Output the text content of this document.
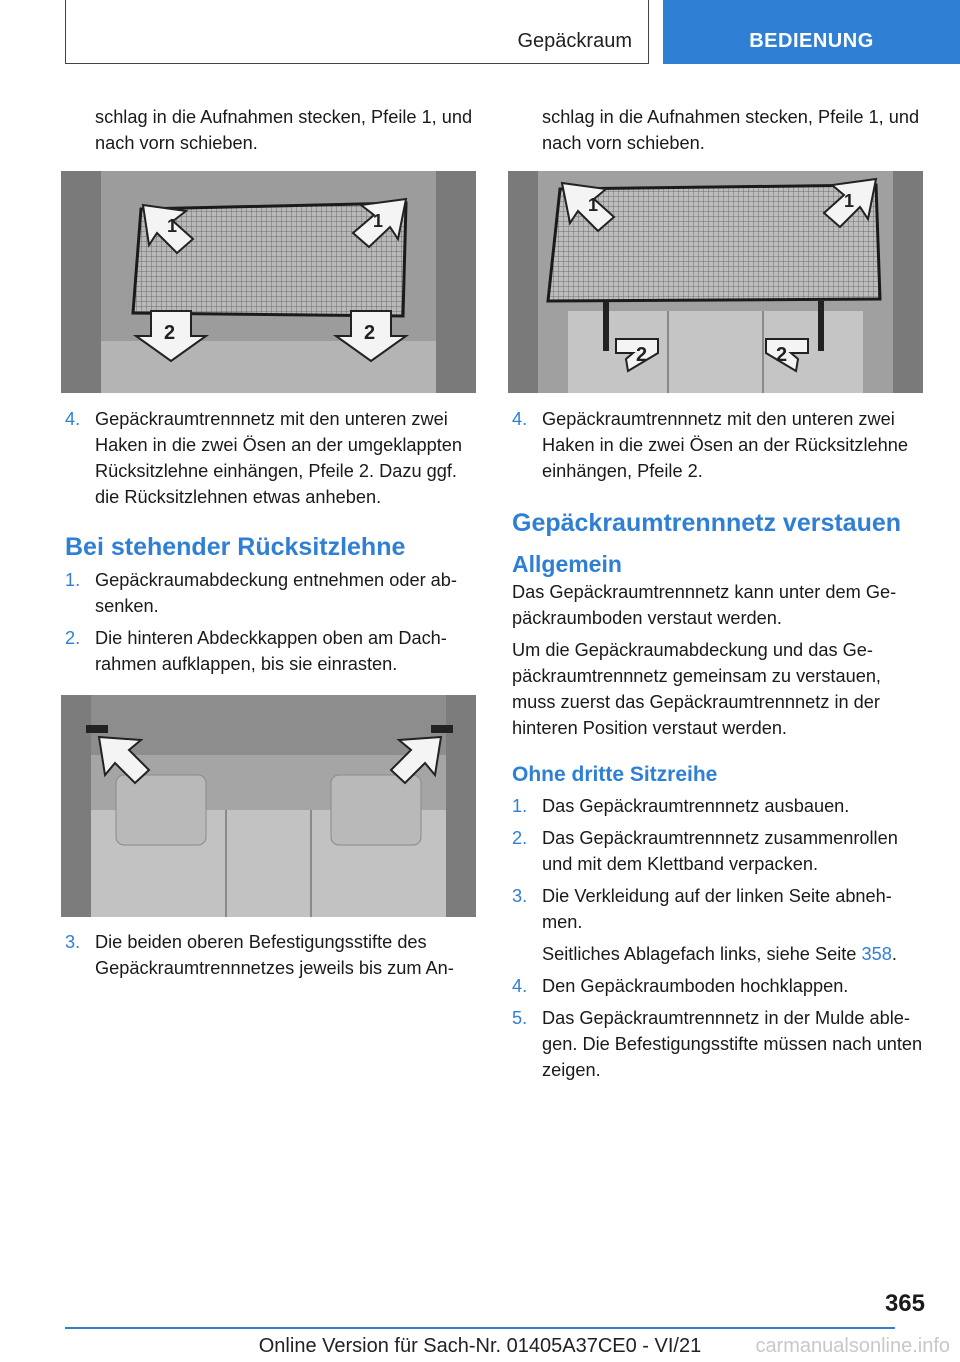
Gepäckraum	BEDIENUNG

schlag in die Aufnahmen stecken, Pfeile 1, und nach vorn schieben.

1	1
2	2
4. Gepäckraumtrennnetz mit den unteren zwei Haken in die zwei Ösen an der umgeklappten Rücksitzlehne einhängen, Pfeile 2. Dazu ggf. die Rücksitzlehnen etwas anheben.
Bei stehender Rücksitzlehne
1. Gepäckraumabdeckung entnehmen oder absenken.
2. Die hinteren Abdeckkappen oben am Dachrahmen aufklappen, bis sie einrasten.
3. Die beiden oberen Befestigungsstifte des Gepäckraumtrennnetzes jeweils bis zum An-

schlag in die Aufnahmen stecken, Pfeile 1, und nach vorn schieben.

1	1
2	2
4. Gepäckraumtrennnetz mit den unteren zwei Haken in die zwei Ösen an der Rücksitzlehne einhängen, Pfeile 2.
Gepäckraumtrennnetz verstauen
Allgemein

Das Gepäckraumtrennnetz kann unter dem Gepäckraumboden verstaut werden.

Um die Gepäckraumabdeckung und das Gepäckraumtrennnetz gemeinsam zu verstauen, muss zuerst das Gepäckraumtrennnetz in der hinteren Position verstaut werden.

Ohne dritte Sitzreihe
1. Das Gepäckraumtrennnetz ausbauen.
2. Das Gepäckraumtrennnetz zusammenrollen und mit dem Klettband verpacken.
3. Die Verkleidung auf der linken Seite abnehmen.

Seitliches Ablagefach links, siehe Seite 358.

4. Den Gepäckraumboden hochklappen.
5. Das Gepäckraumtrennnetz in der Mulde ablegen. Die Befestigungsstifte müssen nach unten zeigen.
365
Online Version für Sach-Nr. 01405A37CE0 - VI/21	carmanualsonline.info
